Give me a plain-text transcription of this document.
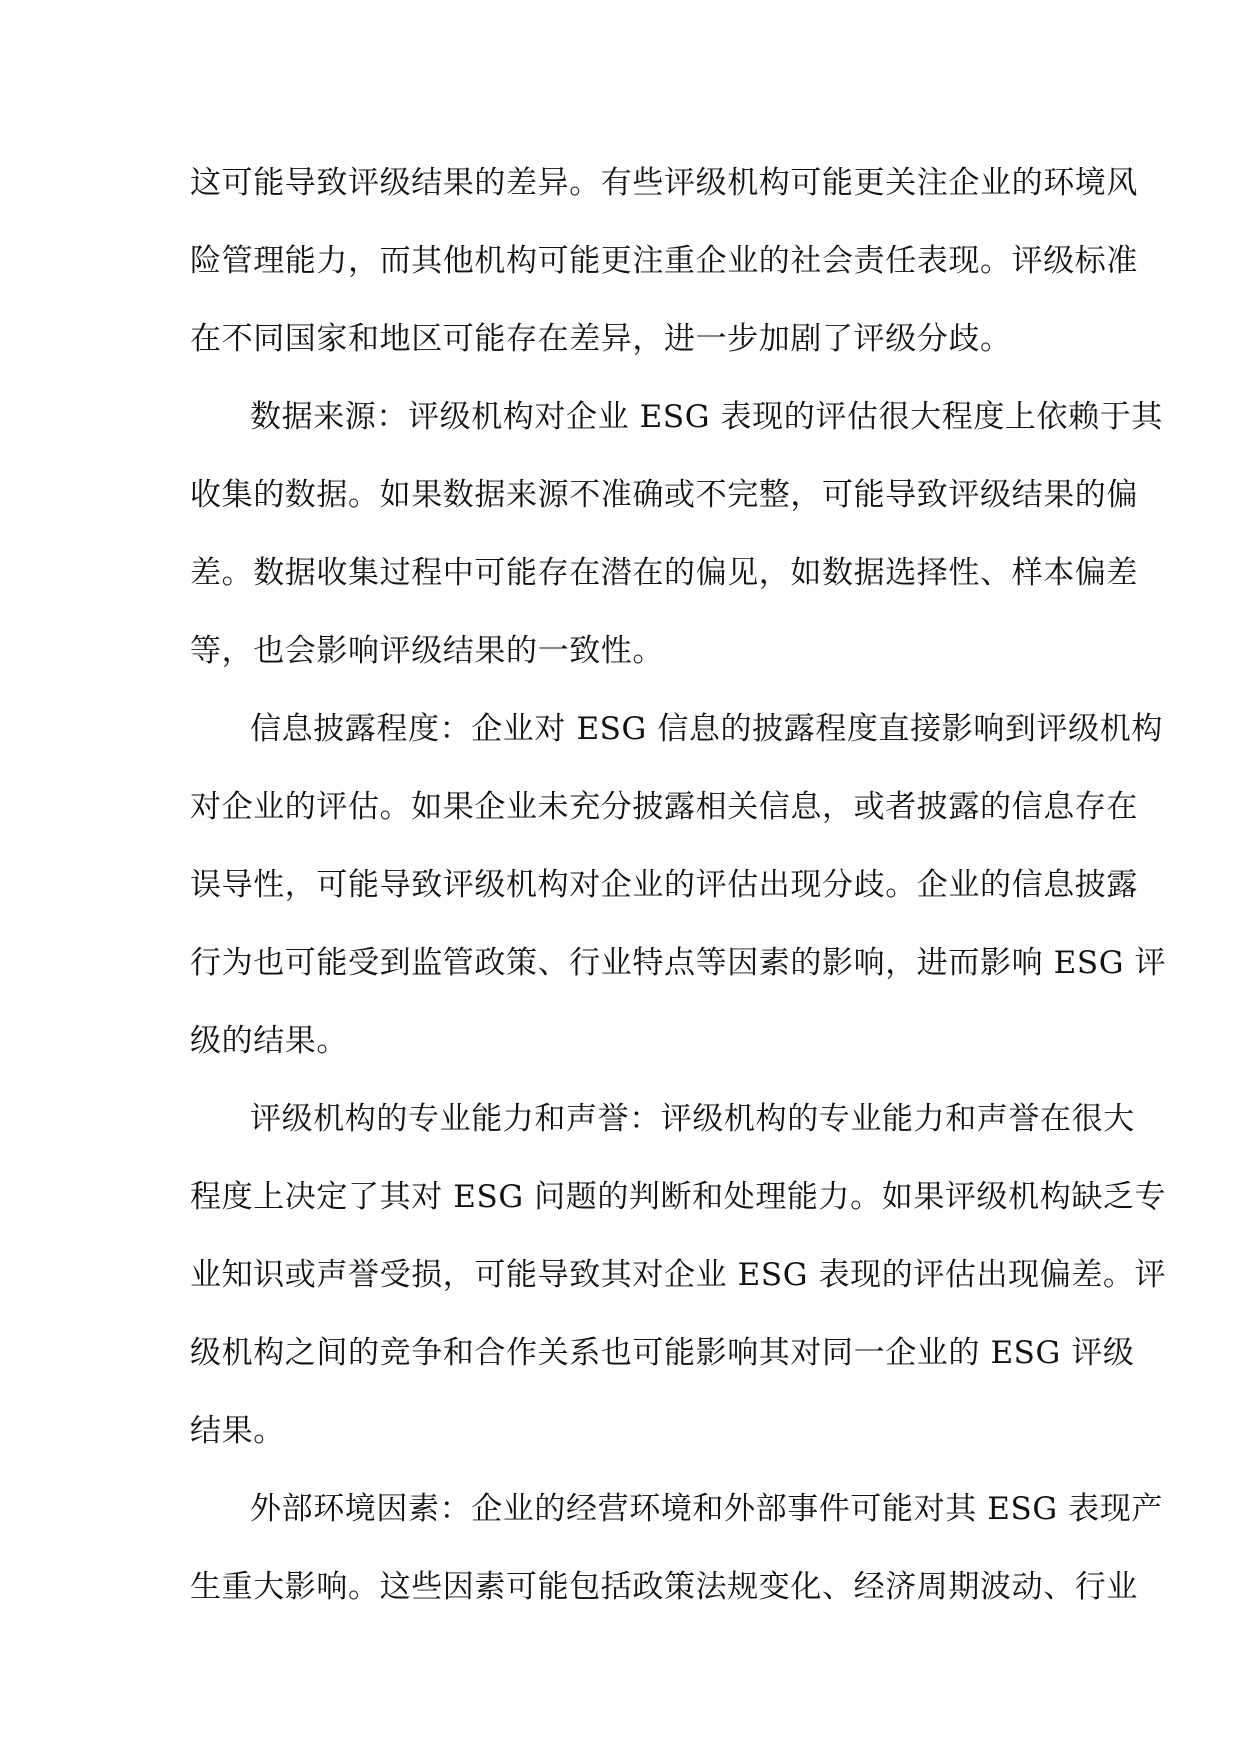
这可能导致评级结果的差异。有些评级机构可能更关注企业的环境风
险管理能力，而其他机构可能更注重企业的社会责任表现。评级标准
在不同国家和地区可能存在差异，进一步加剧了评级分歧。
数据来源：评级机构对企业 ESG 表现的评估很大程度上依赖于其
收集的数据。如果数据来源不准确或不完整，可能导致评级结果的偏
差。数据收集过程中可能存在潜在的偏见，如数据选择性、样本偏差
等，也会影响评级结果的一致性。
信息披露程度：企业对 ESG 信息的披露程度直接影响到评级机构
对企业的评估。如果企业未充分披露相关信息，或者披露的信息存在
误导性，可能导致评级机构对企业的评估出现分歧。企业的信息披露
行为也可能受到监管政策、行业特点等因素的影响，进而影响 ESG 评
级的结果。
评级机构的专业能力和声誉：评级机构的专业能力和声誉在很大
程度上决定了其对 ESG 问题的判断和处理能力。如果评级机构缺乏专
业知识或声誉受损，可能导致其对企业 ESG 表现的评估出现偏差。评
级机构之间的竞争和合作关系也可能影响其对同一企业的 ESG 评级
结果。
外部环境因素：企业的经营环境和外部事件可能对其 ESG 表现产
生重大影响。这些因素可能包括政策法规变化、经济周期波动、行业
